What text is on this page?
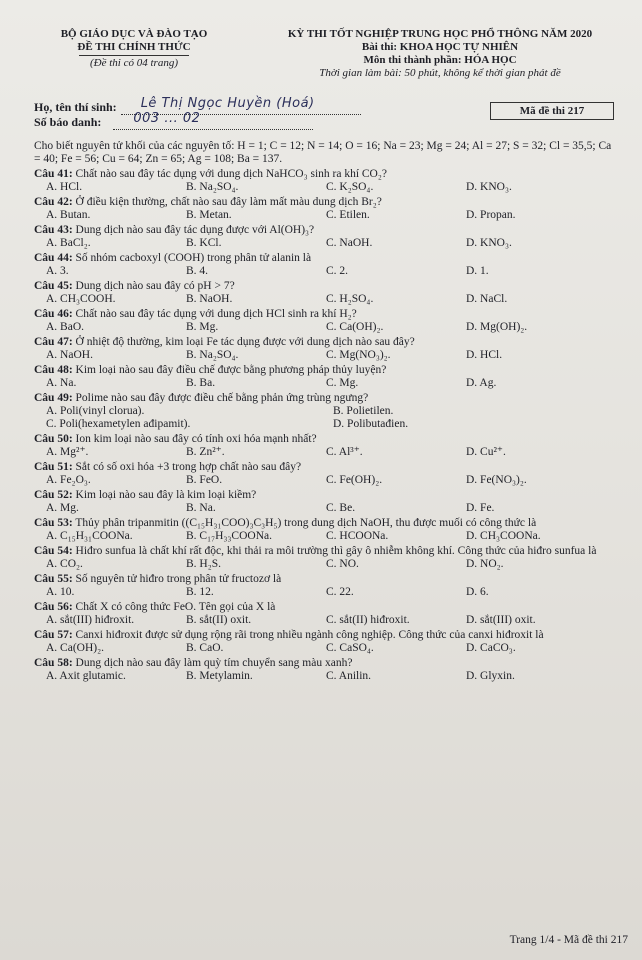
BỘ GIÁO DỤC VÀ ĐÀO TẠO
ĐỀ THI CHÍNH THỨC
(Đề thi có 04 trang)
KỲ THI TỐT NGHIỆP TRUNG HỌC PHỔ THÔNG NĂM 2020
Bài thi: KHOA HỌC TỰ NHIÊN
Môn thi thành phần: HÓA HỌC
Thời gian làm bài: 50 phút, không kể thời gian phát đề
Họ, tên thí sinh: Lê Thị Ngọc Huyền (Hoá)
Số báo danh: 003 ... 02	Mã đề thi 217
Cho biết nguyên tử khối của các nguyên tố: H = 1; C = 12; N = 14; O = 16; Na = 23; Mg = 24; Al = 27; S = 32; Cl = 35,5; Ca = 40; Fe = 56; Cu = 64; Zn = 65; Ag = 108; Ba = 137.
Câu 41: Chất nào sau đây tác dụng với dung dịch NaHCO₃ sinh ra khí CO₂?
A. HCl.	B. Na₂SO₄.	C. K₂SO₄.	D. KNO₃.
Câu 42: Ở điều kiện thường, chất nào sau đây làm mất màu dung dịch Br₂?
A. Butan.	B. Metan.	C. Etilen.	D. Propan.
Câu 43: Dung dịch nào sau đây tác dụng được với Al(OH)₃?
A. BaCl₂.	B. KCl.	C. NaOH.	D. KNO₃.
Câu 44: Số nhóm cacboxyl (COOH) trong phân tử alanin là
A. 3.	B. 4.	C. 2.	D. 1.
Câu 45: Dung dịch nào sau đây có pH > 7?
A. CH₃COOH.	B. NaOH.	C. H₂SO₄.	D. NaCl.
Câu 46: Chất nào sau đây tác dụng với dung dịch HCl sinh ra khí H₂?
A. BaO.	B. Mg.	C. Ca(OH)₂.	D. Mg(OH)₂.
Câu 47: Ở nhiệt độ thường, kim loại Fe tác dụng được với dung dịch nào sau đây?
A. NaOH.	B. Na₂SO₄.	C. Mg(NO₃)₂.	D. HCl.
Câu 48: Kim loại nào sau đây điều chế được bằng phương pháp thủy luyện?
A. Na.	B. Ba.	C. Mg.	D. Ag.
Câu 49: Polime nào sau đây được điều chế bằng phản ứng trùng ngưng?
A. Poli(vinyl clorua).	B. Polietilen.
C. Poli(hexametylen ađipamit).	D. Polibutađien.
Câu 50: Ion kim loại nào sau đây có tính oxi hóa mạnh nhất?
A. Mg²⁺.	B. Zn²⁺.	C. Al³⁺.	D. Cu²⁺.
Câu 51: Sắt có số oxi hóa +3 trong hợp chất nào sau đây?
A. Fe₂O₃.	B. FeO.	C. Fe(OH)₂.	D. Fe(NO₃)₂.
Câu 52: Kim loại nào sau đây là kim loại kiềm?
A. Mg.	B. Na.	C. Be.	D. Fe.
Câu 53: Thủy phân tripanmitin ((C₁₅H₃₁COO)₃C₃H₅) trong dung dịch NaOH, thu được muối có công thức là
A. C₁₅H₃₁COONa.	B. C₁₇H₃₃COONa.	C. HCOONa.	D. CH₃COONa.
Câu 54: Hiđro sunfua là chất khí rất độc, khi thải ra môi trường thì gây ô nhiễm không khí. Công thức của hiđro sunfua là
A. CO₂.	B. H₂S.	C. NO.	D. NO₂.
Câu 55: Số nguyên tử hiđro trong phân tử fructozơ là
A. 10.	B. 12.	C. 22.	D. 6.
Câu 56: Chất X có công thức FeO. Tên gọi của X là
A. sắt(III) hiđroxit.	B. sắt(II) oxit.	C. sắt(II) hiđroxit.	D. sắt(III) oxit.
Câu 57: Canxi hiđroxit được sử dụng rộng rãi trong nhiều ngành công nghiệp. Công thức của canxi hiđroxit là
A. Ca(OH)₂.	B. CaO.	C. CaSO₄.	D. CaCO₃.
Câu 58: Dung dịch nào sau đây làm quỳ tím chuyển sang màu xanh?
A. Axit glutamic.	B. Metylamin.	C. Anilin.	D. Glyxin.
Trang 1/4 - Mã đề thi 217
